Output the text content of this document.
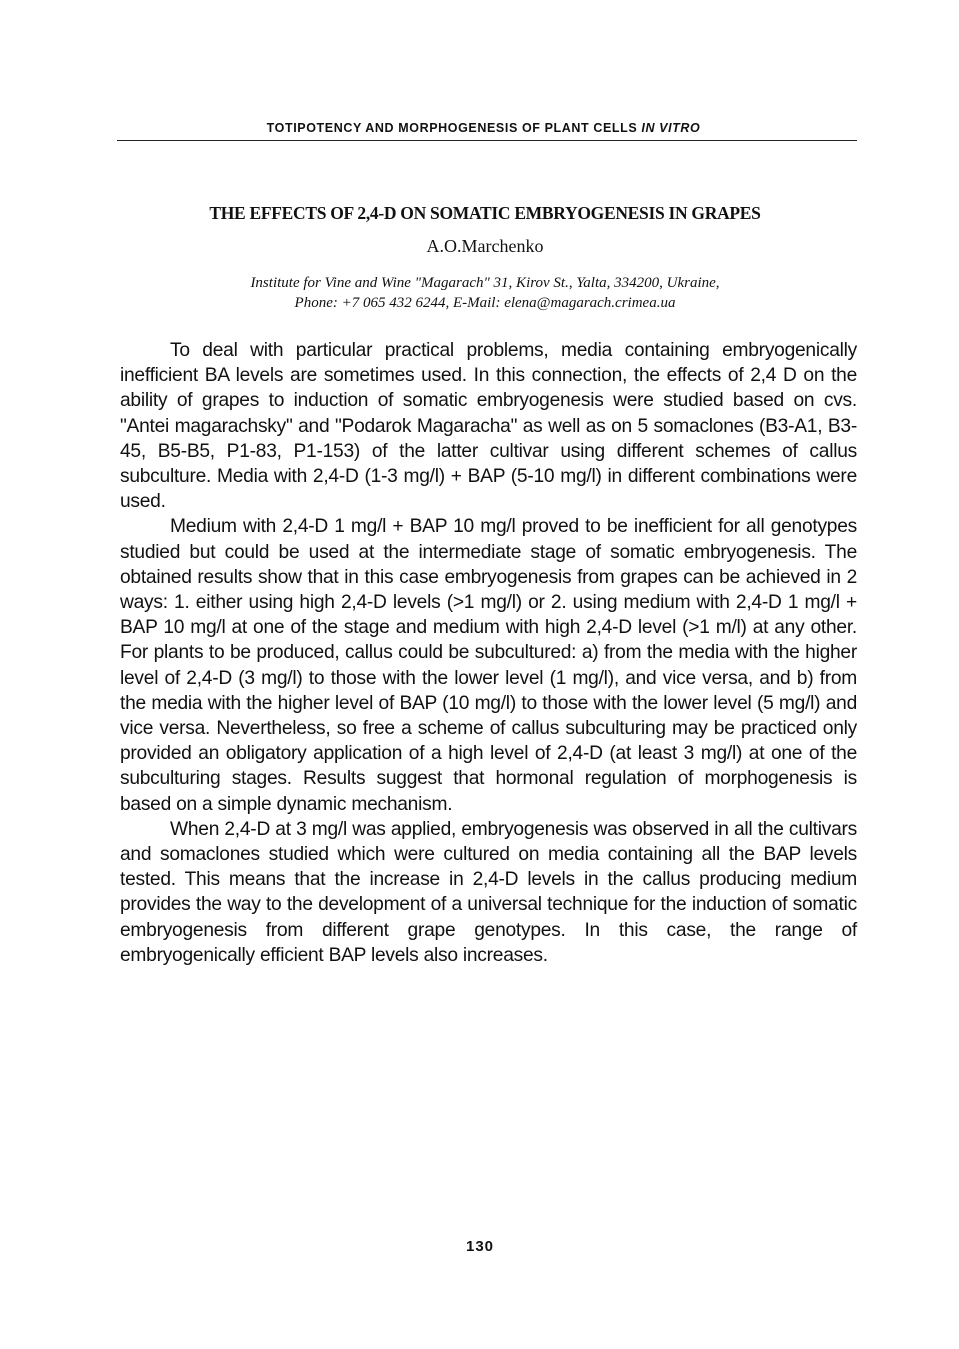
TOTIPOTENCY AND MORPHOGENESIS OF PLANT CELLS IN VITRO
THE EFFECTS OF 2,4-D ON SOMATIC EMBRYOGENESIS IN GRAPES
A.O.Marchenko
Institute for Vine and Wine "Magarach" 31, Kirov St., Yalta, 334200, Ukraine,
Phone: +7 065 432 6244, E-Mail: elena@magarach.crimea.ua

To deal with particular practical problems, media containing embryogenically inefficient BA levels are sometimes used. In this connection, the effects of 2,4 D on the ability of grapes to induction of somatic embryogenesis were studied based on cvs. "Antei magarachsky" and "Podarok Magaracha" as well as on 5 somaclones (B3-A1, B3-45, B5-B5, P1-83, P1-153) of the latter cultivar using different schemes of callus subculture. Media with 2,4-D (1-3 mg/l) + BAP (5-10 mg/l) in different combinations were used.

Medium with 2,4-D 1 mg/l + BAP 10 mg/l proved to be inefficient for all genotypes studied but could be used at the intermediate stage of somatic embryogenesis. The obtained results show that in this case embryogenesis from grapes can be achieved in 2 ways: 1. either using high 2,4-D levels (>1 mg/l) or 2. using medium with 2,4-D 1 mg/l + BAP 10 mg/l at one of the stage and medium with high 2,4-D level (>1 m/l) at any other. For plants to be produced, callus could be subcultured: a) from the media with the higher level of 2,4-D (3 mg/l) to those with the lower level (1 mg/l), and vice versa, and b) from the media with the higher level of BAP (10 mg/l) to those with the lower level (5 mg/l) and vice versa. Nevertheless, so free a scheme of callus subculturing may be practiced only provided an obligatory application of a high level of 2,4-D (at least 3 mg/l) at one of the subculturing stages. Results suggest that hormonal regulation of morphogenesis is based on a simple dynamic mechanism.

When 2,4-D at 3 mg/l was applied, embryogenesis was observed in all the cultivars and somaclones studied which were cultured on media containing all the BAP levels tested. This means that the increase in 2,4-D levels in the callus producing medium provides the way to the development of a universal technique for the induction of somatic embryogenesis from different grape genotypes. In this case, the range of embryogenically efficient BAP levels also increases.

130
